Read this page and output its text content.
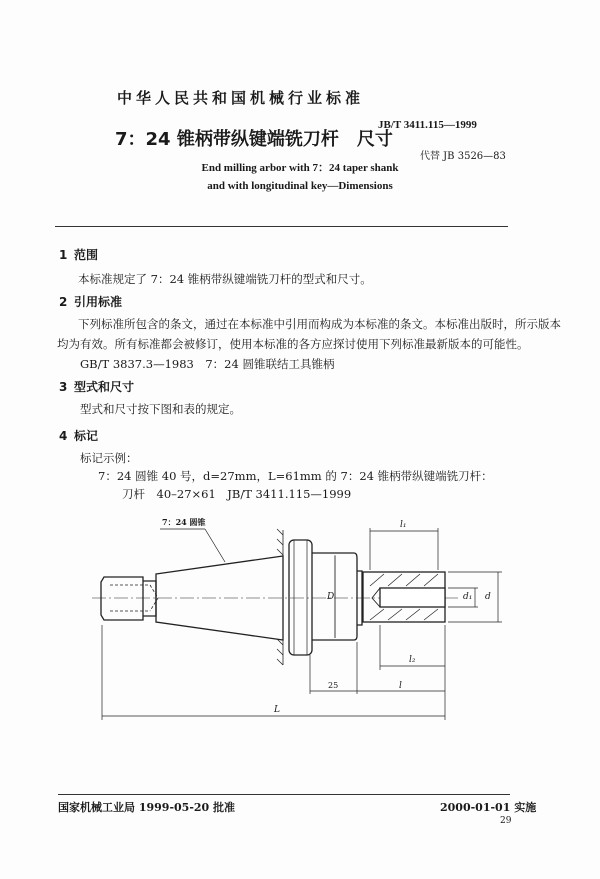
中华人民共和国机械行业标准
JB/T 3411.115—1999
7：24 锥柄带纵键端铣刀杆　尺寸
代替 JB 3526—83
End milling arbor with 7：24 taper shank
and with longitudinal key—Dimensions
1 范围
本标准规定了 7：24 锥柄带纵键端铣刀杆的型式和尺寸。
2 引用标准
下列标准所包含的条文，通过在本标准中引用而构成为本标准的条文。本标准出版时，所示版本
均为有效。所有标准都会被修订，使用本标准的各方应探讨使用下列标准最新版本的可能性。
GB/T 3837.3—1983　7：24 圆锥联结工具锥柄
3 型式和尺寸
型式和尺寸按下图和表的规定。
4 标记
标记示例：
7：24 圆锥 40 号，d=27mm，L=61mm 的 7：24 锥柄带纵键端铣刀杆：
刀杆　40–27×61　JB/T 3411.115—1999
7：24 圆锥	l₁
d
d₁
D
l₂
25	l
L
国家机械工业局 1999-05-20 批准	2000-01-01 实施
29
